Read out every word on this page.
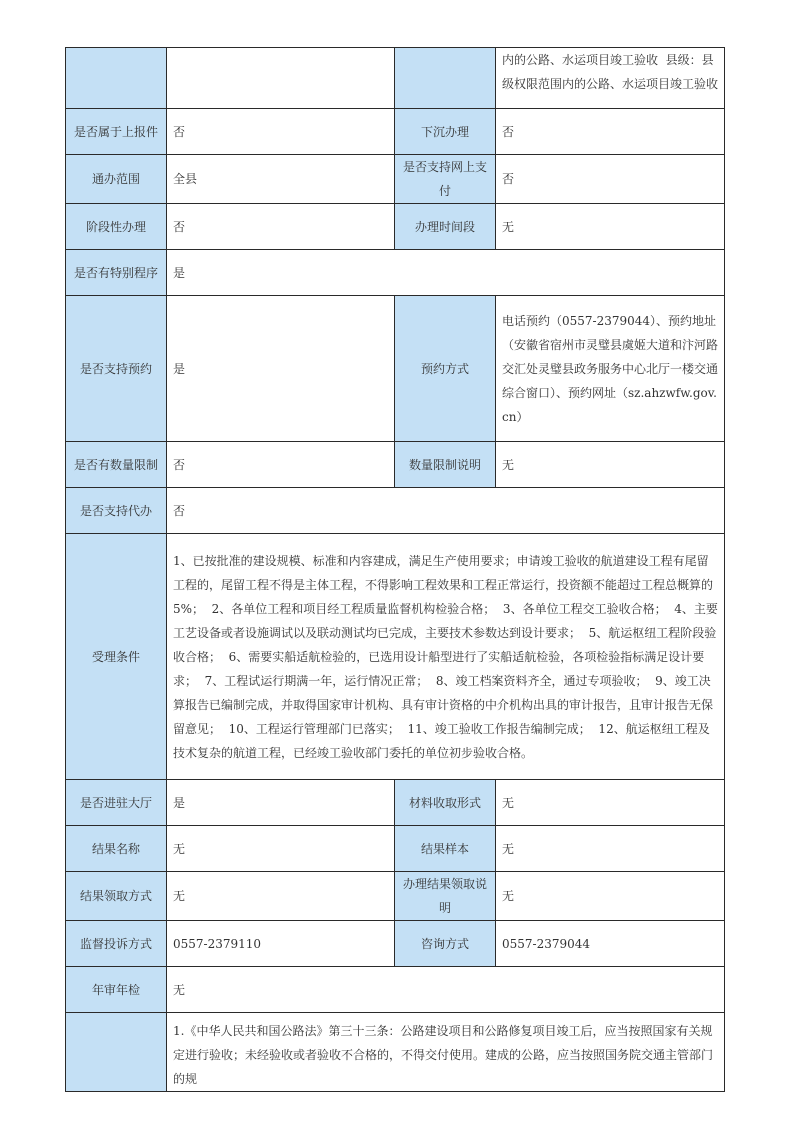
			内的公路、水运项目竣工验收  县级：县级权限范围内的公路、水运项目竣工验收
是否属于上报件	否	下沉办理	否
通办范围	全县	是否支持网上支付	否
阶段性办理	否	办理时间段	无
是否有特别程序	是		
是否支持预约	是	预约方式	电话预约（0557-2379044）、预约地址（安徽省宿州市灵璧县虞姬大道和汴河路交汇处灵璧县政务服务中心北厅一楼交通综合窗口）、预约网址（sz.ahzwfw.gov.cn）
是否有数量限制	否	数量限制说明	无
是否支持代办	否		
受理条件	1、已按批准的建设规模、标准和内容建成，满足生产使用要求；申请竣工验收的航道建设工程有尾留工程的，尾留工程不得是主体工程，不得影响工程效果和工程正常运行，投资额不能超过工程总概算的5%；  2、各单位工程和项目经工程质量监督机构检验合格；  3、各单位工程交工验收合格；  4、主要工艺设备或者设施调试以及联动测试均已完成，主要技术参数达到设计要求；  5、航运枢纽工程阶段验收合格；  6、需要实船适航检验的，已选用设计船型进行了实船适航检验，各项检验指标满足设计要求；  7、工程试运行期满一年，运行情况正常；  8、竣工档案资料齐全，通过专项验收；  9、竣工决算报告已编制完成，并取得国家审计机构、具有审计资格的中介机构出具的审计报告，且审计报告无保留意见；  10、工程运行管理部门已落实；  11、竣工验收工作报告编制完成；  12、航运枢纽工程及技术复杂的航道工程，已经竣工验收部门委托的单位初步验收合格。		
是否进驻大厅	是	材料收取形式	无
结果名称	无	结果样本	无
结果领取方式	无	办理结果领取说明	无
监督投诉方式	0557-2379110	咨询方式	0557-2379044
年审年检	无		
	1.《中华人民共和国公路法》第三十三条：公路建设项目和公路修复项目竣工后，应当按照国家有关规定进行验收；未经验收或者验收不合格的，不得交付使用。建成的公路，应当按照国务院交通主管部门的规		
